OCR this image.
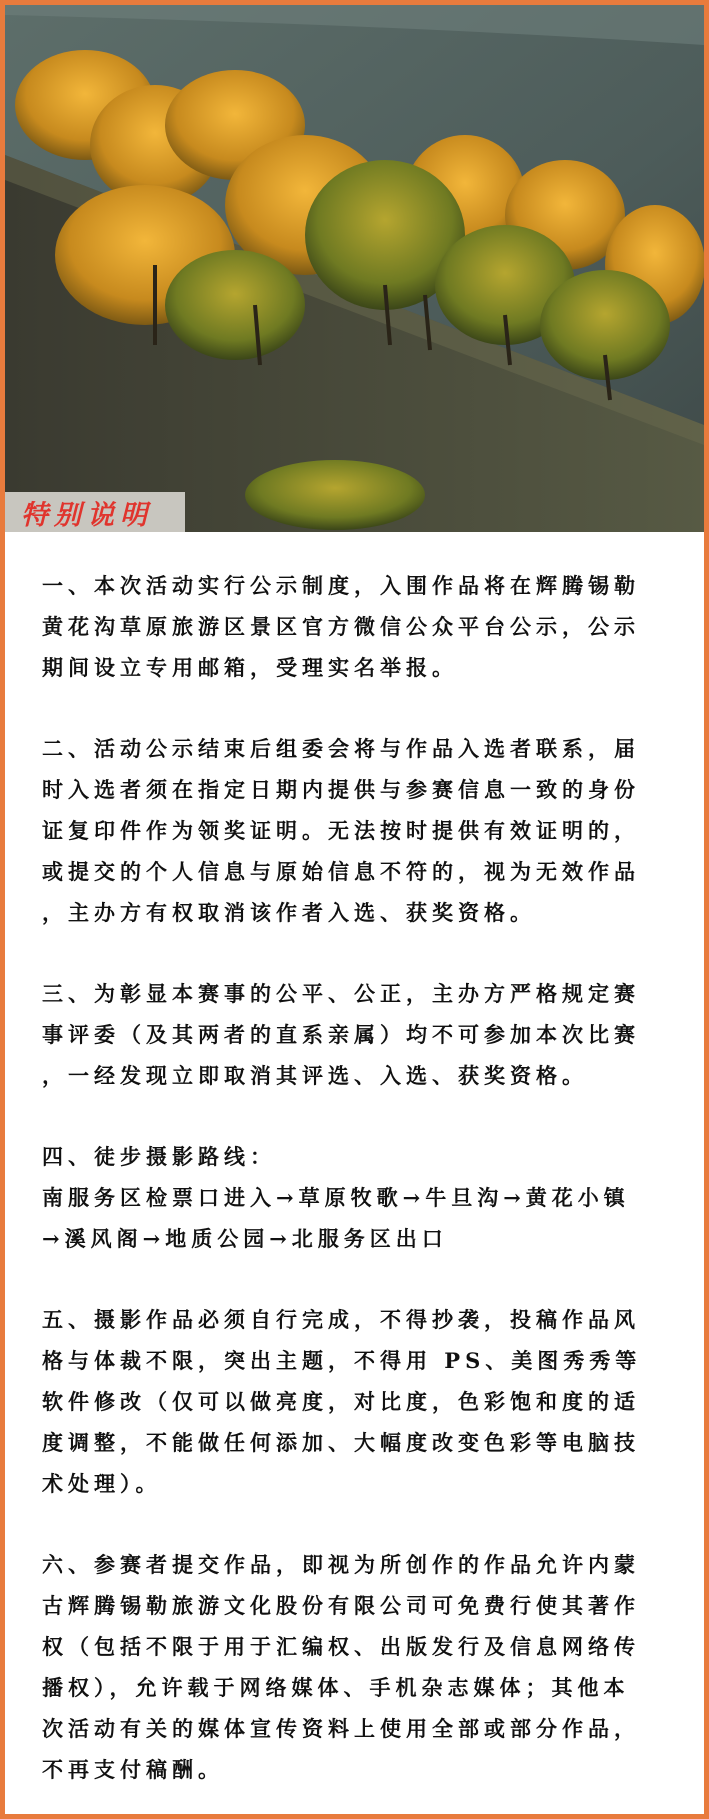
特别说明

一、本次活动实行公示制度，入围作品将在辉腾锡勒
黄花沟草原旅游区景区官方微信公众平台公示，公示
期间设立专用邮箱，受理实名举报。

二、活动公示结束后组委会将与作品入选者联系，届
时入选者须在指定日期内提供与参赛信息一致的身份
证复印件作为领奖证明。无法按时提供有效证明的，
或提交的个人信息与原始信息不符的，视为无效作品
，主办方有权取消该作者入选、获奖资格。

三、为彰显本赛事的公平、公正，主办方严格规定赛
事评委（及其两者的直系亲属）均不可参加本次比赛
，一经发现立即取消其评选、入选、获奖资格。

四、徒步摄影路线：
南服务区检票口进入→草原牧歌→牛旦沟→黄花小镇
→溪风阁→地质公园→北服务区出口

五、摄影作品必须自行完成，不得抄袭，投稿作品风
格与体裁不限，突出主题，不得用 PS、美图秀秀等
软件修改（仅可以做亮度，对比度，色彩饱和度的适
度调整，不能做任何添加、大幅度改变色彩等电脑技
术处理）。

六、参赛者提交作品，即视为所创作的作品允许内蒙
古辉腾锡勒旅游文化股份有限公司可免费行使其著作
权（包括不限于用于汇编权、出版发行及信息网络传
播权），允许载于网络媒体、手机杂志媒体；其他本
次活动有关的媒体宣传资料上使用全部或部分作品，
不再支付稿酬。
